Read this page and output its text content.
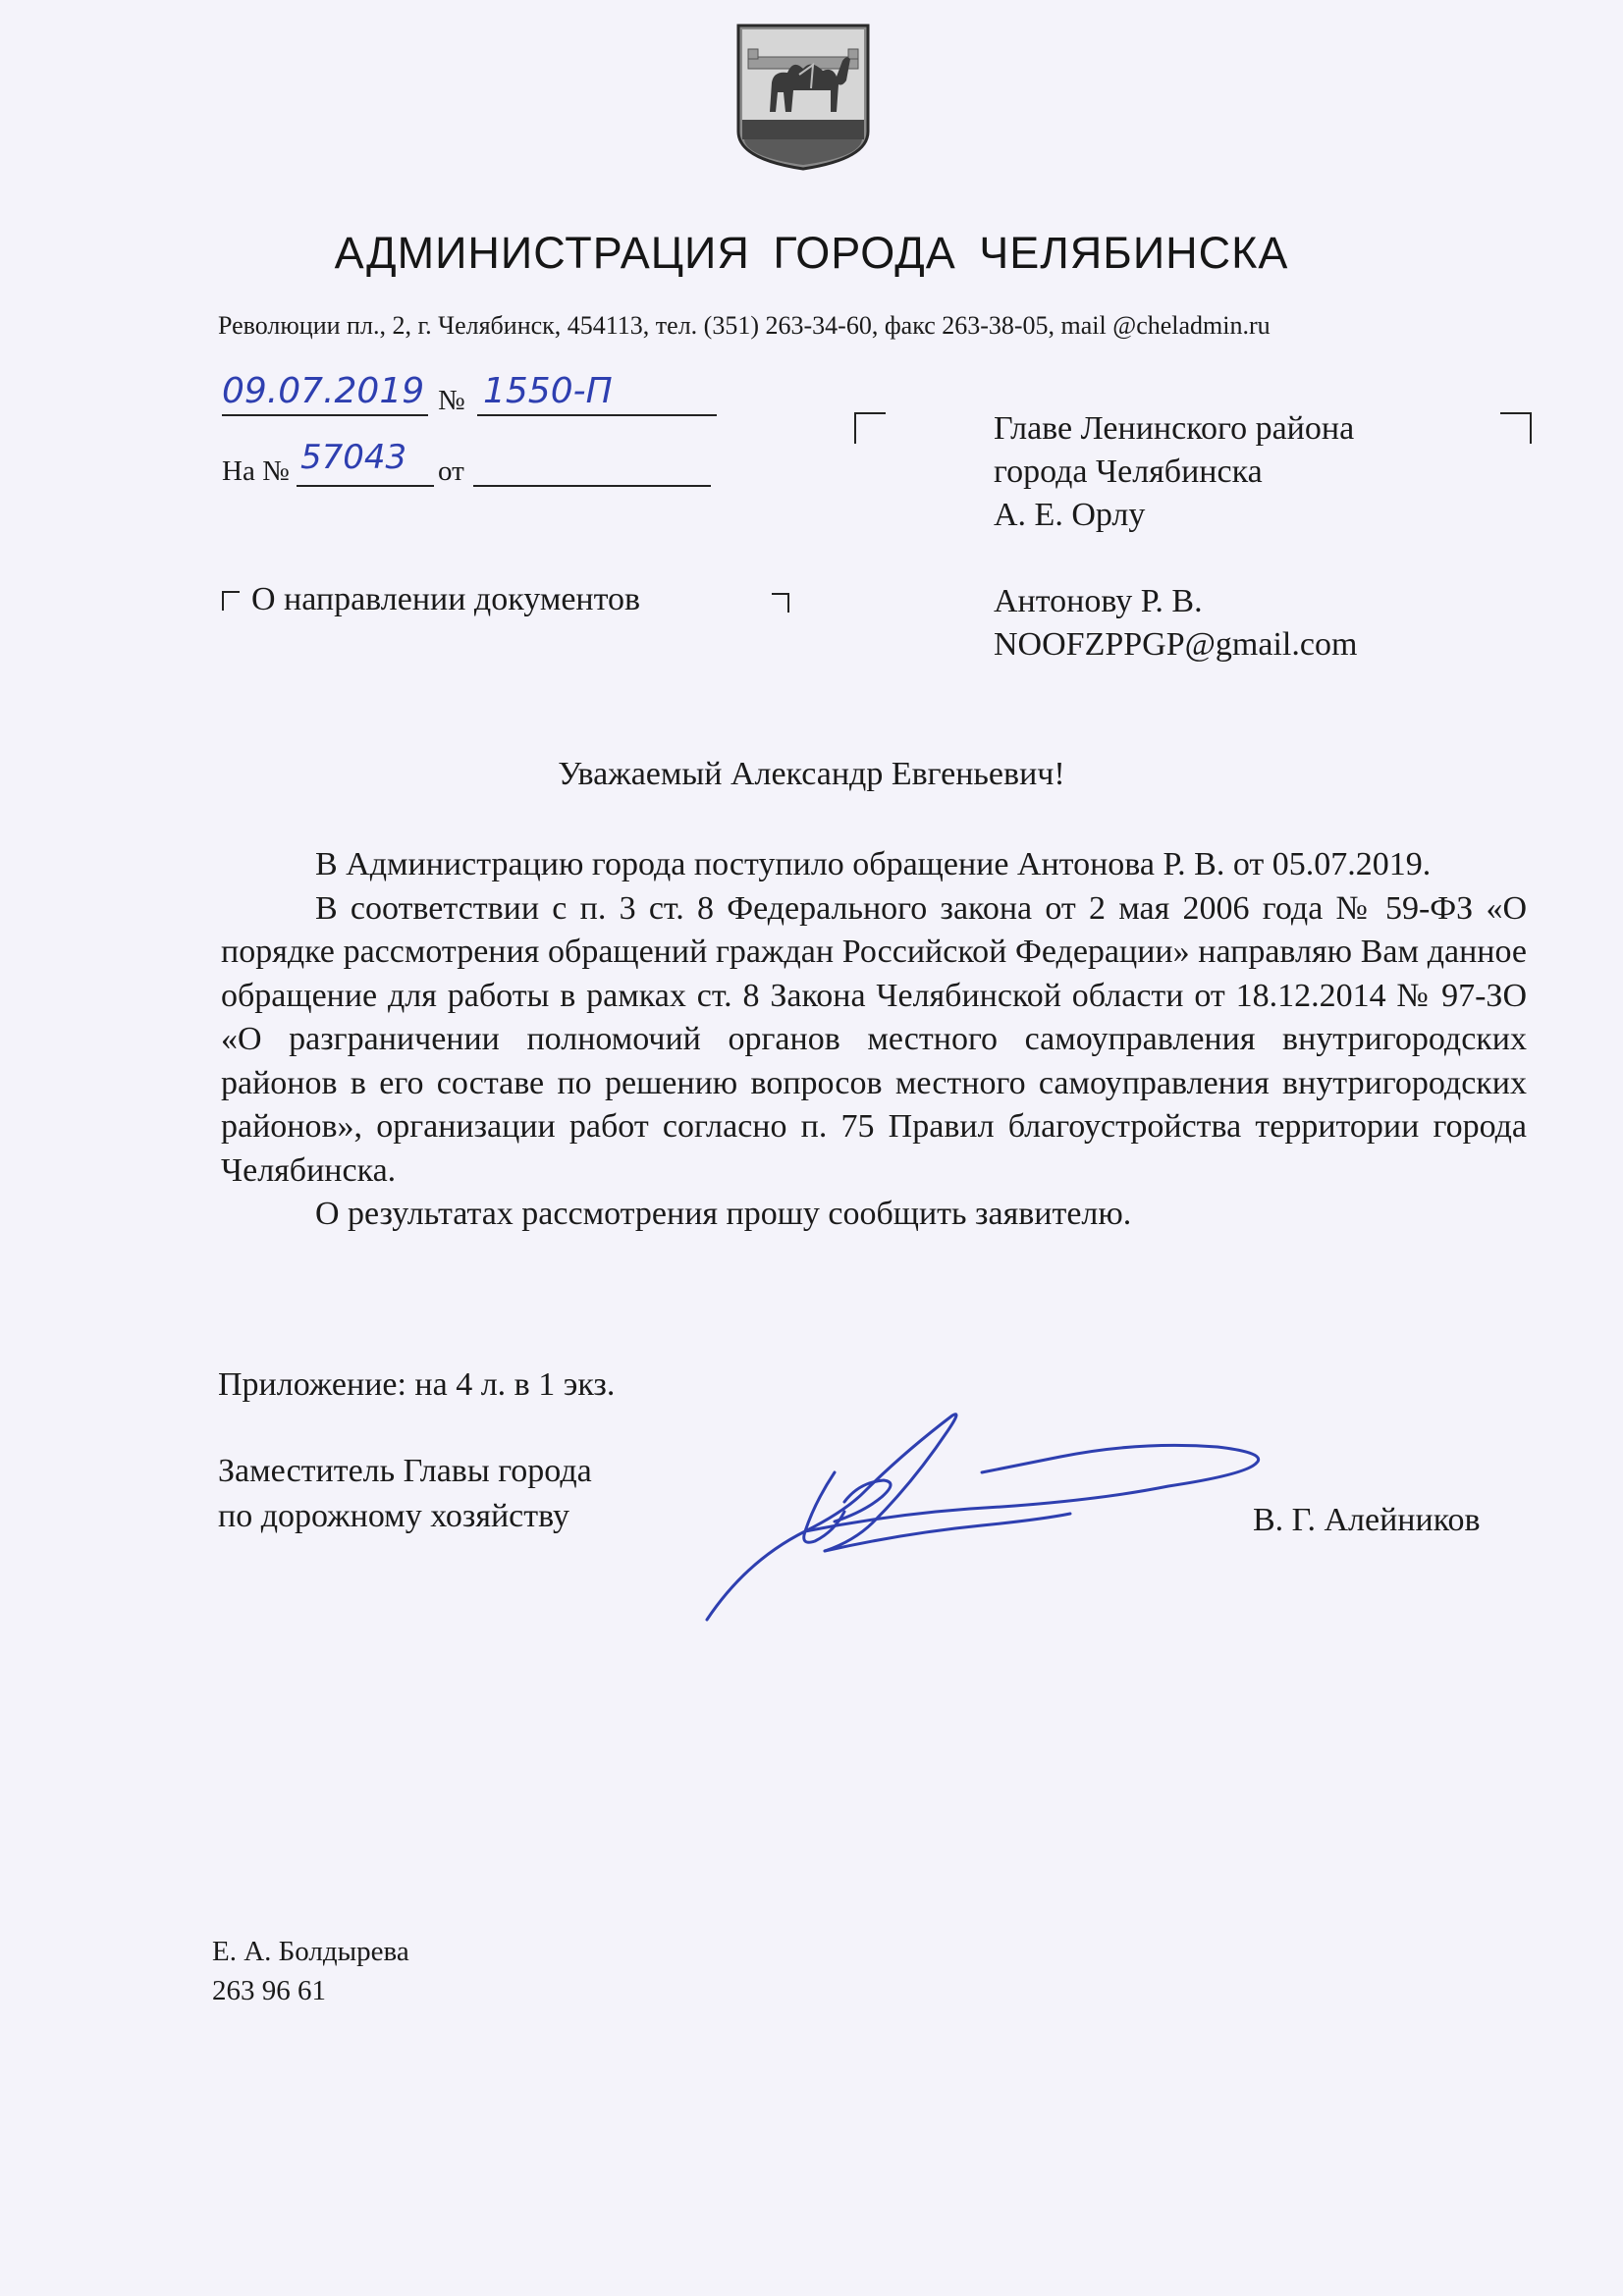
АДМИНИСТРАЦИЯ ГОРОДА ЧЕЛЯБИНСКА
Революции пл., 2, г. Челябинск, 454113, тел. (351) 263-34-60, факс 263-38-05, mail @cheladmin.ru
09.07.2019 № 1550-П
На № 57043 от
Главе Ленинского района
города Челябинска
А. Е. Орлу
О направлении документов	Антонову Р. В.
NOOFZPPGP@gmail.com
Уважаемый Александр Евгеньевич!

В Администрацию города поступило обращение Антонова Р. В. от 05.07.2019.

В соответствии с п. 3 ст. 8 Федерального закона от 2 мая 2006 года № 59-ФЗ «О порядке рассмотрения обращений граждан Российской Федерации» направляю Вам данное обращение для работы в рамках ст. 8 Закона Челябинской области от 18.12.2014 № 97-ЗО «О разграничении полномочий органов местного самоуправления внутригородских районов в его составе по решению вопросов местного самоуправления внутригородских районов», организации работ согласно п. 75 Правил благоустройства территории города Челябинска.

О результатах рассмотрения прошу сообщить заявителю.

Приложение: на 4 л. в 1 экз.
Заместитель Главы города
по дорожному хозяйству	В. Г. Алейников
Е. А. Болдырева
263 96 61
